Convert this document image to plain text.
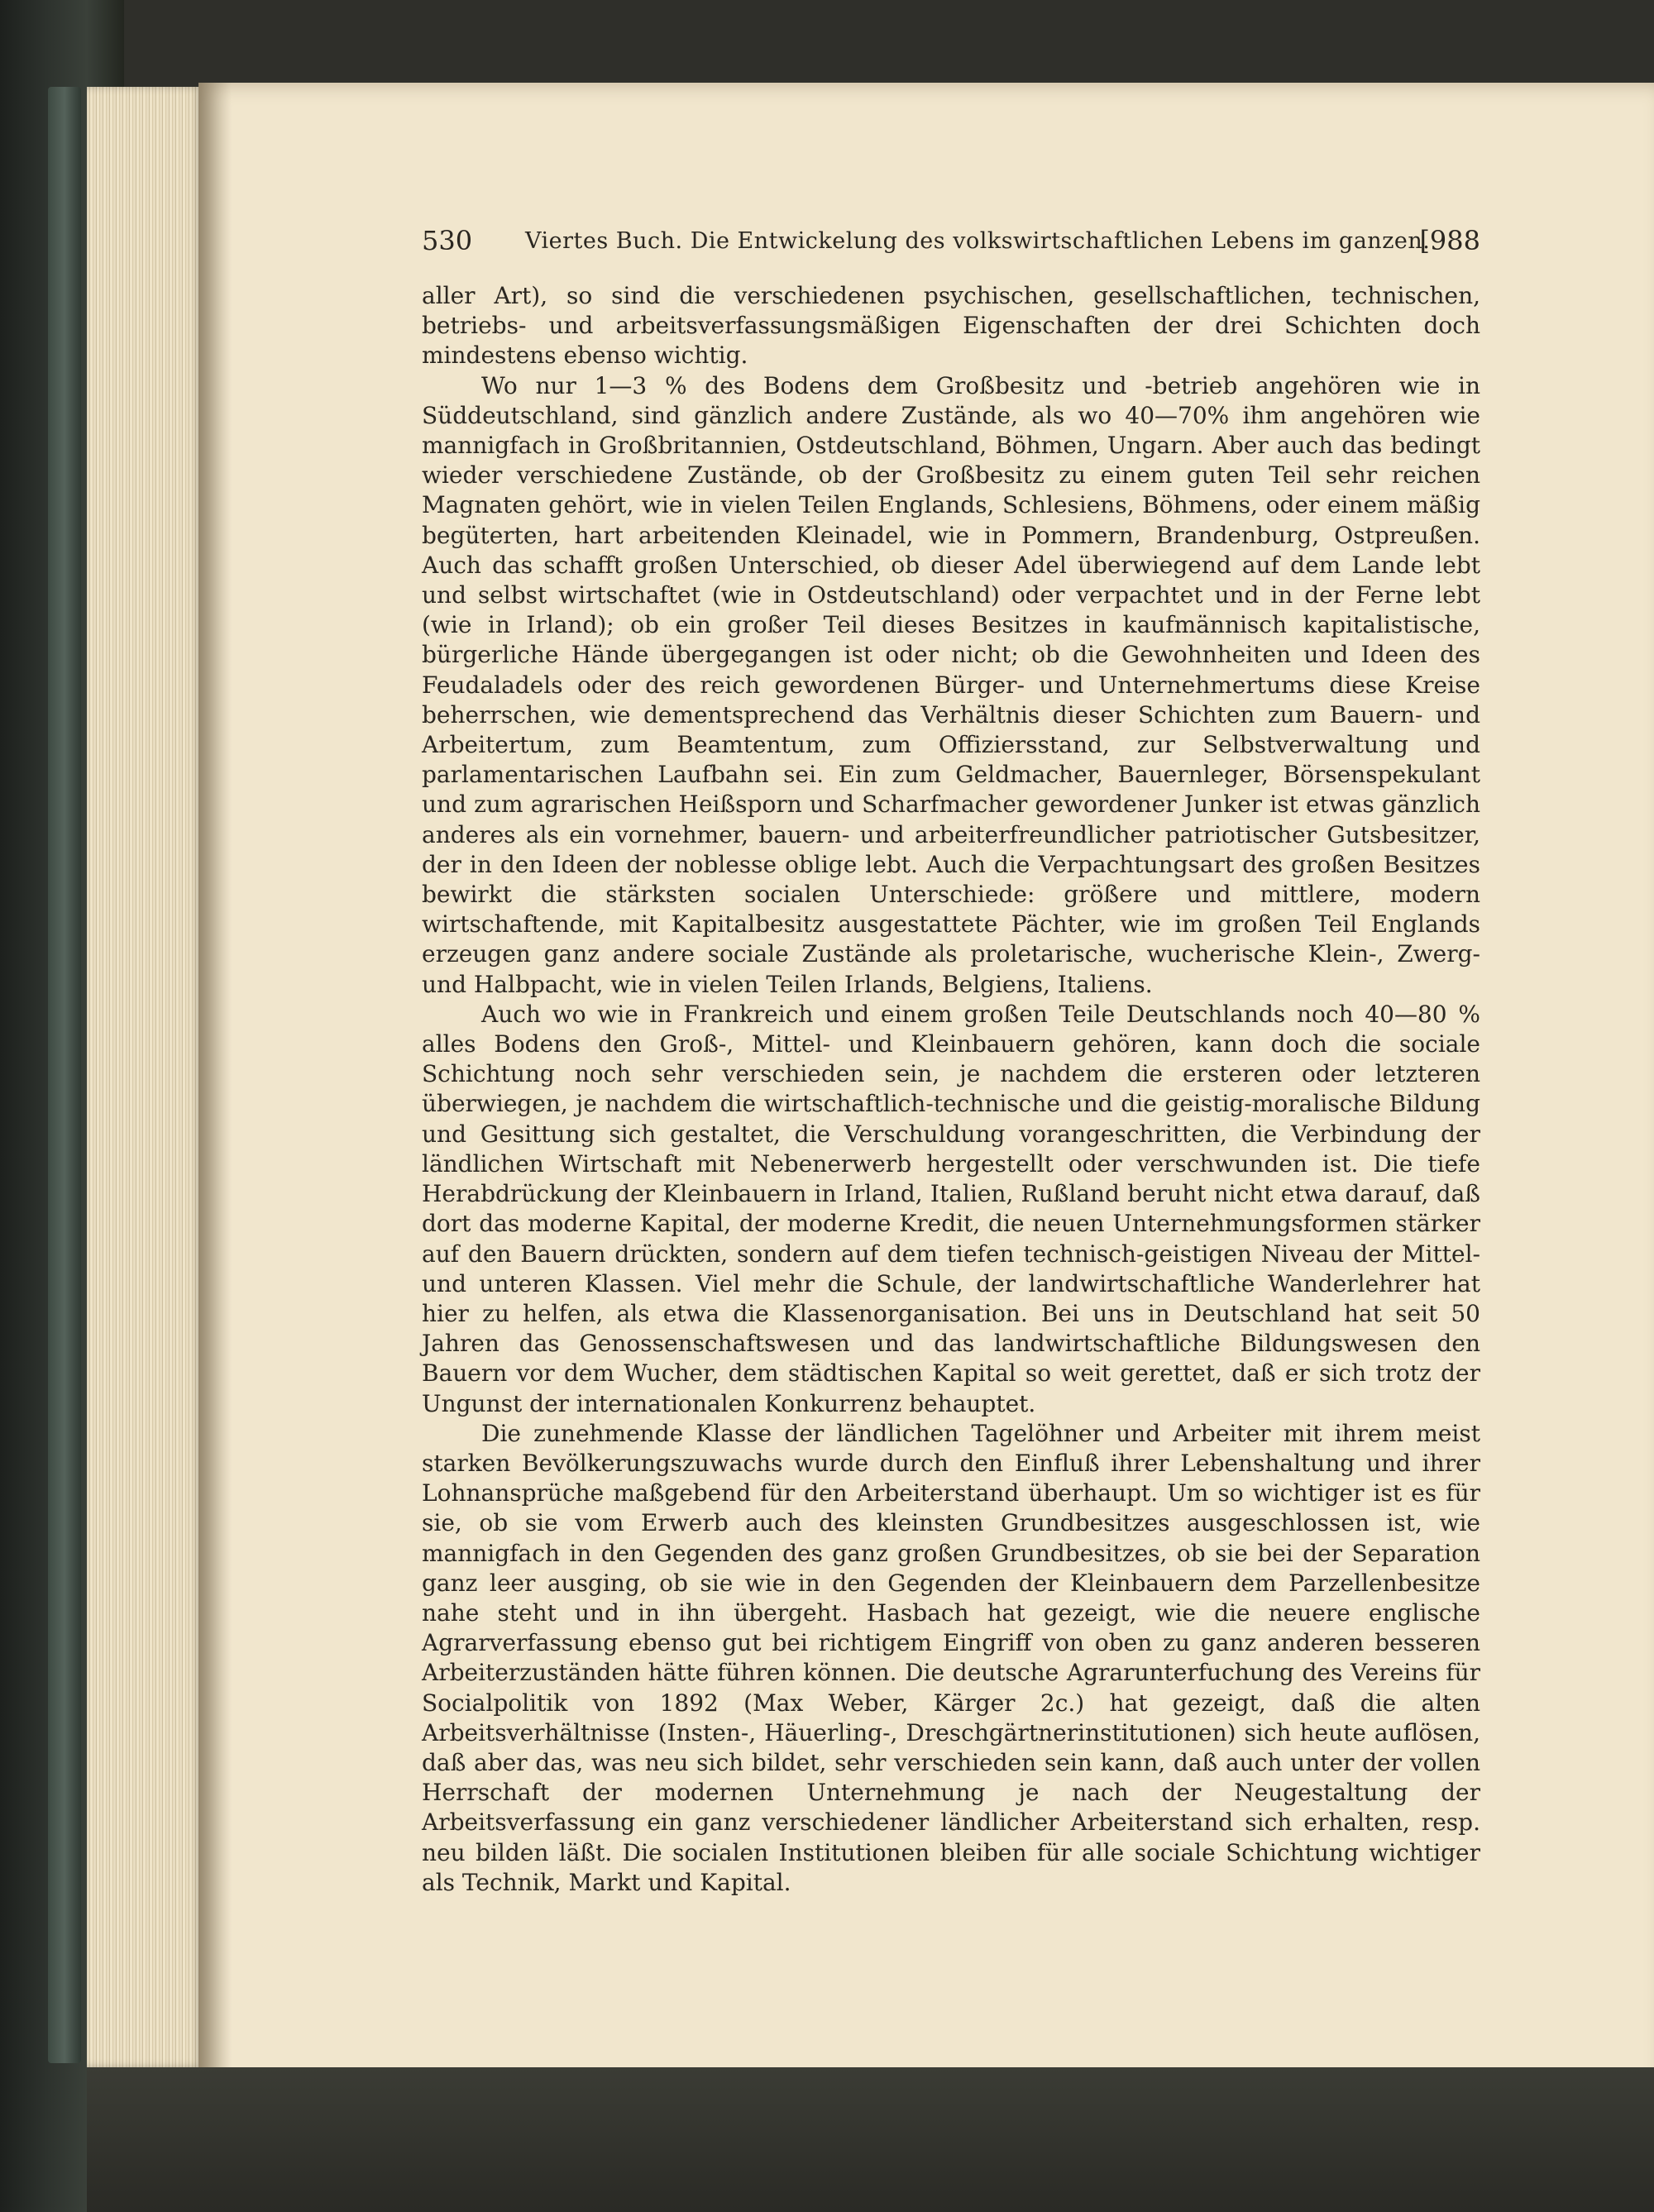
530 Viertes Buch. Die Entwickelung des volkswirtschaftlichen Lebens im ganzen.
[988

aller Art), so sind die verschiedenen psychischen, gesellschaftlichen, technischen, betriebs- und arbeitsverfassungsmäßigen Eigenschaften der drei Schichten doch mindestens ebenso wichtig.

Wo nur 1—3 % des Bodens dem Großbesitz und -betrieb angehören wie in Süddeutschland, sind gänzlich andere Zustände, als wo 40—70% ihm angehören wie mannigfach in Großbritannien, Ostdeutschland, Böhmen, Ungarn. Aber auch das bedingt wieder verschiedene Zustände, ob der Großbesitz zu einem guten Teil sehr reichen Magnaten gehört, wie in vielen Teilen Englands, Schlesiens, Böhmens, oder einem mäßig begüterten, hart arbeitenden Kleinadel, wie in Pommern, Brandenburg, Ostpreußen. Auch das schafft großen Unterschied, ob dieser Adel überwiegend auf dem Lande lebt und selbst wirtschaftet (wie in Ostdeutschland) oder verpachtet und in der Ferne lebt (wie in Irland); ob ein großer Teil dieses Besitzes in kaufmännisch kapitalistische, bürgerliche Hände übergegangen ist oder nicht; ob die Gewohnheiten und Ideen des Feudaladels oder des reich gewordenen Bürger- und Unternehmertums diese Kreise beherrschen, wie dementsprechend das Verhältnis dieser Schichten zum Bauern- und Arbeitertum, zum Beamtentum, zum Offiziersstand, zur Selbstverwaltung und parlamentarischen Laufbahn sei. Ein zum Geldmacher, Bauernleger, Börsenspekulant und zum agrarischen Heißsporn und Scharfmacher gewordener Junker ist etwas gänzlich anderes als ein vornehmer, bauern- und arbeiterfreundlicher patriotischer Gutsbesitzer, der in den Ideen der noblesse oblige lebt. Auch die Verpachtungsart des großen Besitzes bewirkt die stärksten socialen Unterschiede: größere und mittlere, modern wirtschaftende, mit Kapitalbesitz ausgestattete Pächter, wie im großen Teil Englands erzeugen ganz andere sociale Zustände als proletarische, wucherische Klein-, Zwerg- und Halbpacht, wie in vielen Teilen Irlands, Belgiens, Italiens.

Auch wo wie in Frankreich und einem großen Teile Deutschlands noch 40—80 % alles Bodens den Groß-, Mittel- und Kleinbauern gehören, kann doch die sociale Schichtung noch sehr verschieden sein, je nachdem die ersteren oder letzteren überwiegen, je nachdem die wirtschaftlich-technische und die geistig-moralische Bildung und Gesittung sich gestaltet, die Verschuldung vorangeschritten, die Verbindung der ländlichen Wirtschaft mit Nebenerwerb hergestellt oder verschwunden ist. Die tiefe Herabdrückung der Kleinbauern in Irland, Italien, Rußland beruht nicht etwa darauf, daß dort das moderne Kapital, der moderne Kredit, die neuen Unternehmungsformen stärker auf den Bauern drückten, sondern auf dem tiefen technisch-geistigen Niveau der Mittel- und unteren Klassen. Viel mehr die Schule, der landwirtschaftliche Wanderlehrer hat hier zu helfen, als etwa die Klassenorganisation. Bei uns in Deutschland hat seit 50 Jahren das Genossenschaftswesen und das landwirtschaftliche Bildungswesen den Bauern vor dem Wucher, dem städtischen Kapital so weit gerettet, daß er sich trotz der Ungunst der internationalen Konkurrenz behauptet.

Die zunehmende Klasse der ländlichen Tagelöhner und Arbeiter mit ihrem meist starken Bevölkerungszuwachs wurde durch den Einfluß ihrer Lebenshaltung und ihrer Lohnansprüche maßgebend für den Arbeiterstand überhaupt. Um so wichtiger ist es für sie, ob sie vom Erwerb auch des kleinsten Grundbesitzes ausgeschlossen ist, wie mannigfach in den Gegenden des ganz großen Grundbesitzes, ob sie bei der Separation ganz leer ausging, ob sie wie in den Gegenden der Kleinbauern dem Parzellenbesitze nahe steht und in ihn übergeht. Hasbach hat gezeigt, wie die neuere englische Agrarverfassung ebenso gut bei richtigem Eingriff von oben zu ganz anderen besseren Arbeiterzuständen hätte führen können. Die deutsche Agrarunterfuchung des Vereins für Socialpolitik von 1892 (Max Weber, Kärger 2c.) hat gezeigt, daß die alten Arbeitsverhältnisse (Insten-, Häuerling-, Dreschgärtnerinstitutionen) sich heute auflösen, daß aber das, was neu sich bildet, sehr verschieden sein kann, daß auch unter der vollen Herrschaft der modernen Unternehmung je nach der Neugestaltung der Arbeitsverfassung ein ganz verschiedener ländlicher Arbeiterstand sich erhalten, resp. neu bilden läßt. Die socialen Institutionen bleiben für alle sociale Schichtung wichtiger als Technik, Markt und Kapital.
